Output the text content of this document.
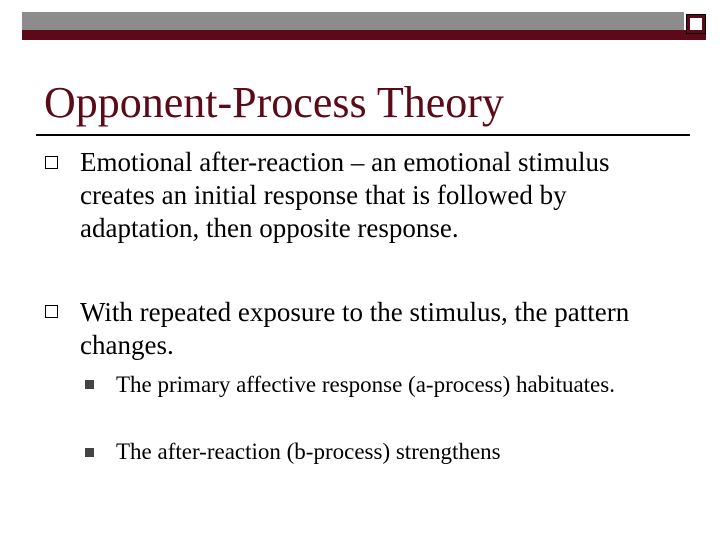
Opponent-Process Theory
Emotional after-reaction – an emotional stimulus creates an initial response that is followed by adaptation, then opposite response.
With repeated exposure to the stimulus, the pattern changes.
The primary affective response (a-process) habituates.
The after-reaction (b-process) strengthens
